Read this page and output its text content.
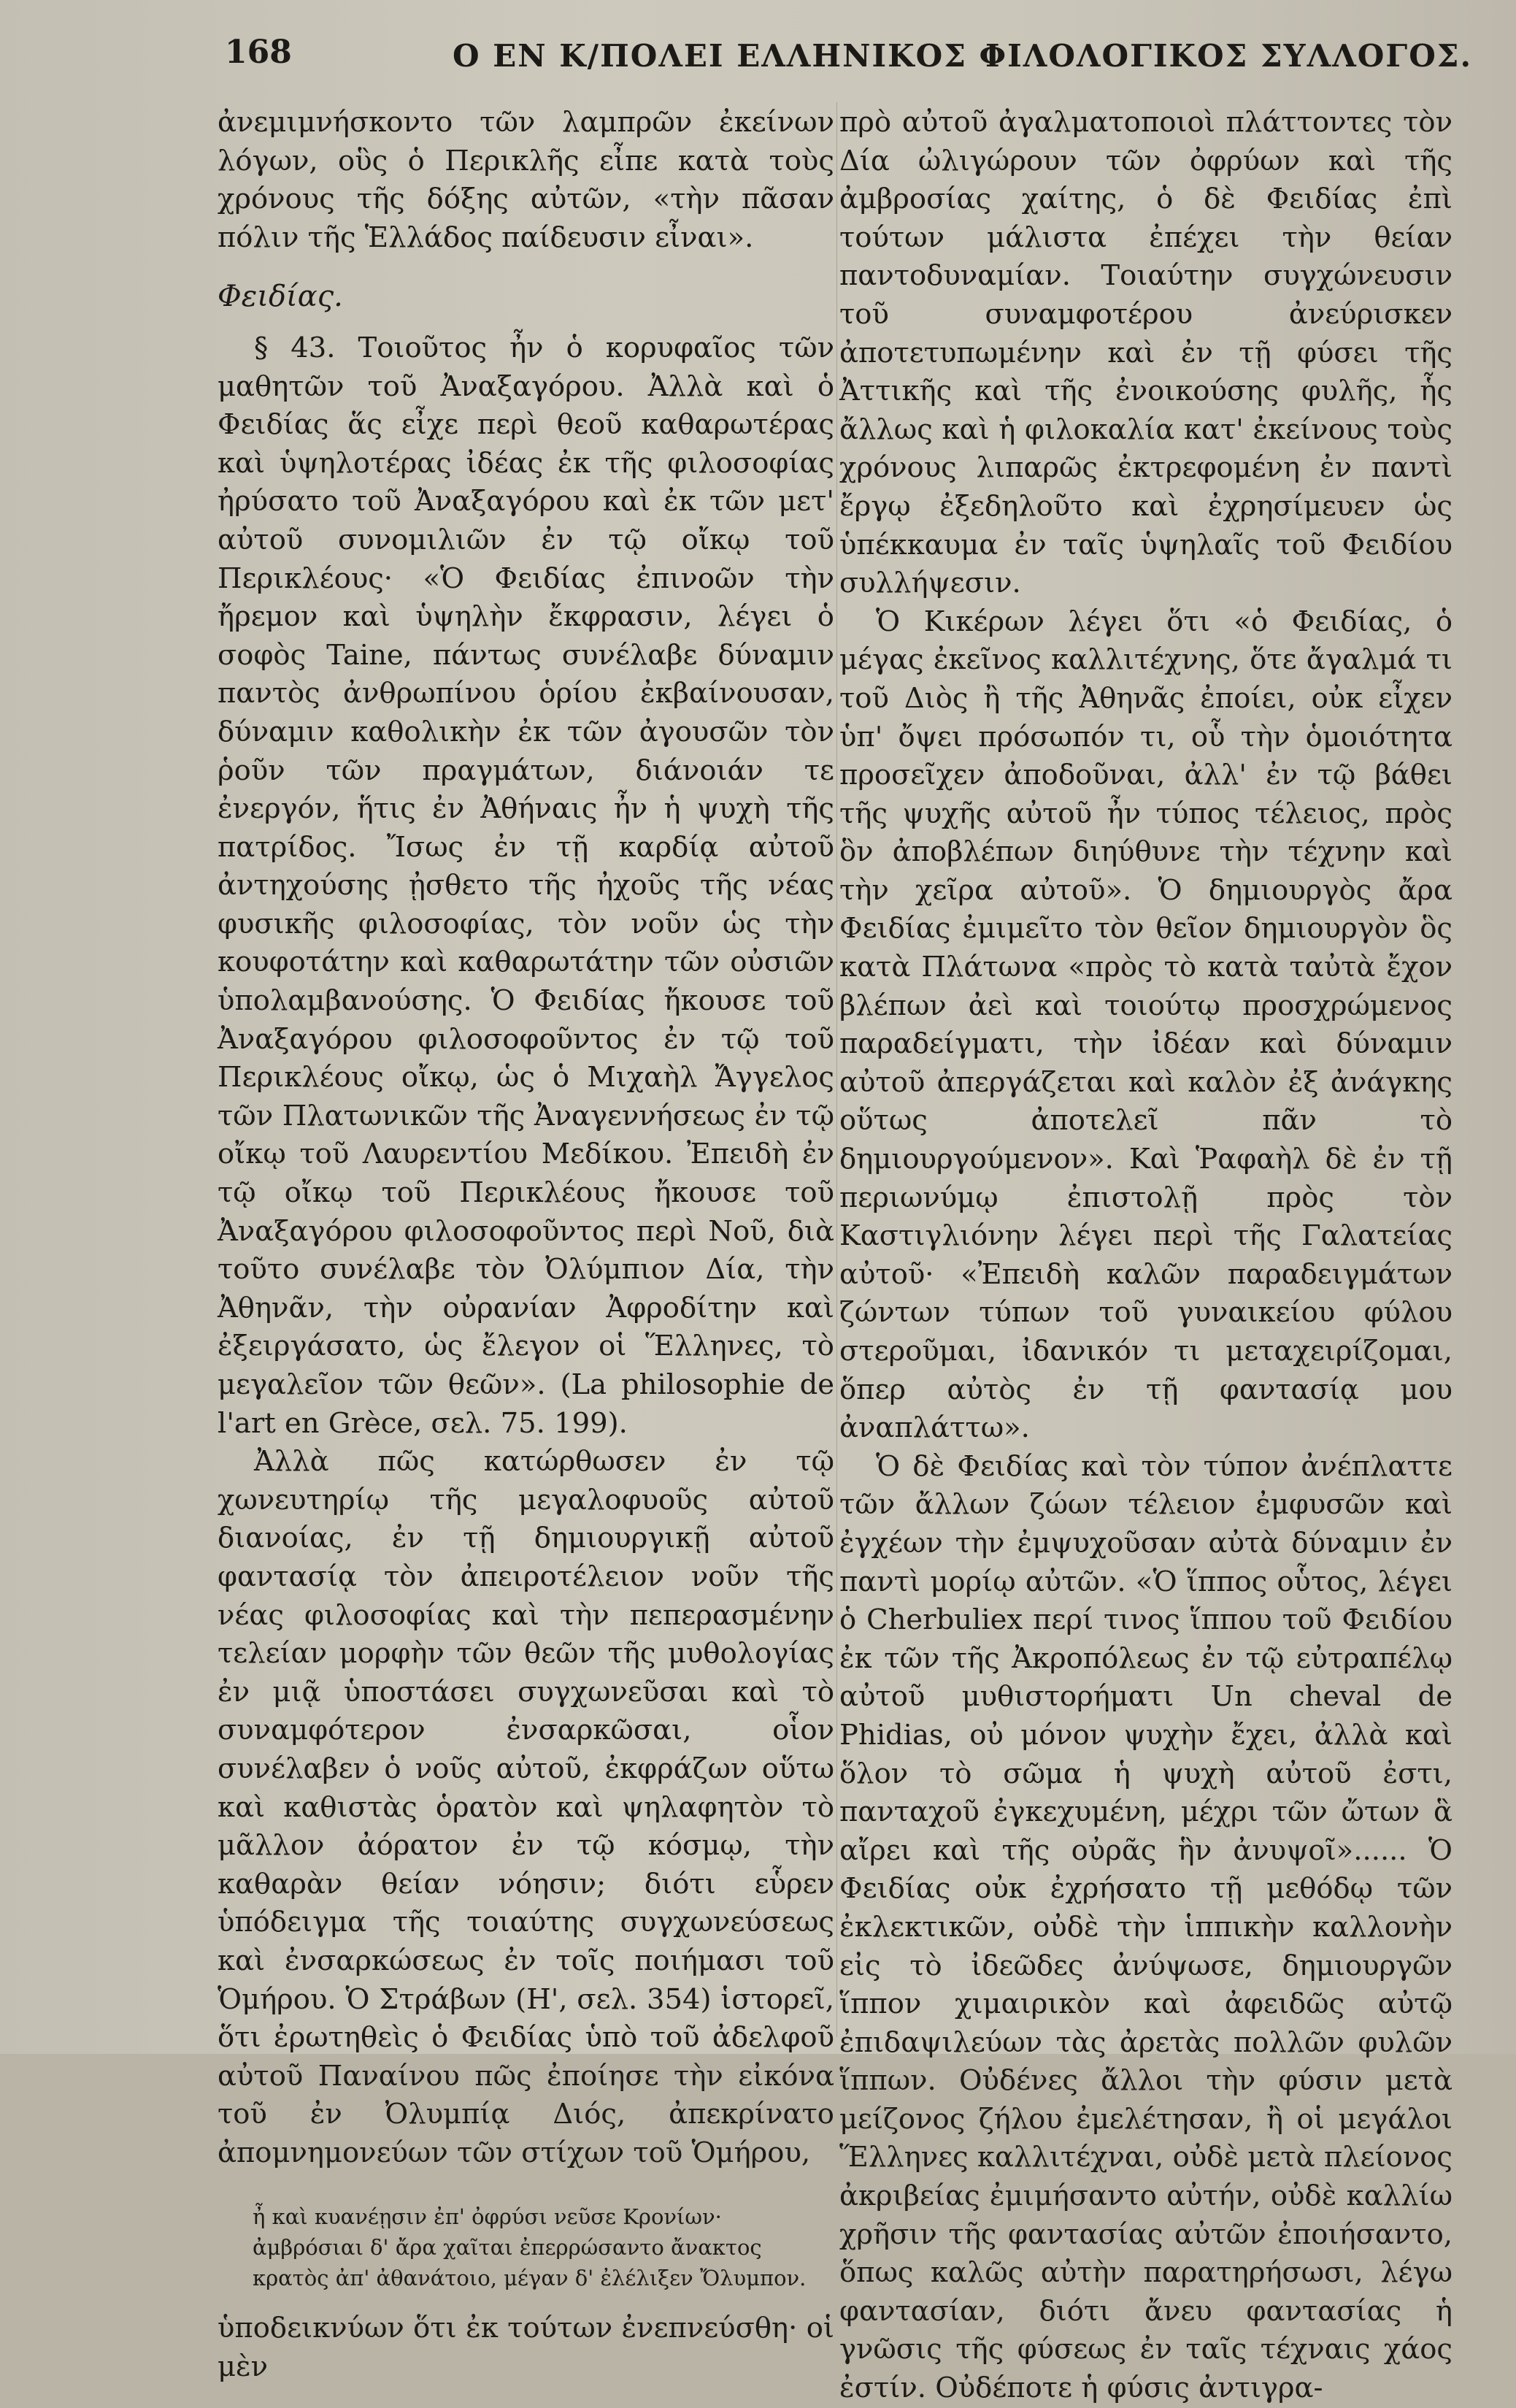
168	Ο ΕΝ Κ/ΠΟΛΕΙ ΕΛΛΗΝΙΚΟΣ ΦΙΛΟΛΟΓΙΚΟΣ ΣΥΛΛΟΓΟΣ.

ἀνεμιμνήσκοντο τῶν λαμπρῶν ἐκείνων λόγων, οὓς ὁ Περικλῆς εἶπε κατὰ τοὺς χρόνους τῆς δόξης αὐτῶν, «τὴν πᾶσαν πόλιν τῆς Ἑλλάδος παίδευσιν εἶναι».

Φειδίας.

§ 43. Τοιοῦτος ἦν ὁ κορυφαῖος τῶν μαθητῶν τοῦ Ἀναξαγόρου. Ἀλλὰ καὶ ὁ Φειδίας ἅς εἶχε περὶ θεοῦ καθαρωτέρας καὶ ὑψηλοτέρας ἰδέας ἐκ τῆς φιλοσοφίας ἠρύσατο τοῦ Ἀναξαγόρου καὶ ἐκ τῶν μετ' αὐτοῦ συνομιλιῶν ἐν τῷ οἴκῳ τοῦ Περικλέους· «Ὁ Φειδίας ἐπινοῶν τὴν ἤρεμον καὶ ὑψηλὴν ἔκφρασιν, λέγει ὁ σοφὸς Taine, πάντως συνέλαβε δύναμιν παντὸς ἀνθρωπίνου ὁρίου ἐκβαίνουσαν, δύναμιν καθολικὴν ἐκ τῶν ἀγουσῶν τὸν ῥοῦν τῶν πραγμάτων, διάνοιάν τε ἐνεργόν, ἥτις ἐν Ἀθήναις ἦν ἡ ψυχὴ τῆς πατρίδος. Ἴσως ἐν τῇ καρδίᾳ αὐτοῦ ἀντηχούσης ᾐσθετο τῆς ἠχοῦς τῆς νέας φυσικῆς φιλοσοφίας, τὸν νοῦν ὡς τὴν κουφοτάτην καὶ καθαρωτάτην τῶν οὐσιῶν ὑπολαμβανούσης. Ὁ Φειδίας ἤκουσε τοῦ Ἀναξαγόρου φιλοσοφοῦντος ἐν τῷ τοῦ Περικλέους οἴκῳ, ὡς ὁ Μιχαὴλ Ἄγγελος τῶν Πλατωνικῶν τῆς Ἀναγεννήσεως ἐν τῷ οἴκῳ τοῦ Λαυρεντίου Μεδίκου. Ἐπειδὴ ἐν τῷ οἴκῳ τοῦ Περικλέους ἤκουσε τοῦ Ἀναξαγόρου φιλοσοφοῦντος περὶ Νοῦ, διὰ τοῦτο συνέλαβε τὸν Ὀλύμπιον Δία, τὴν Ἀθηνᾶν, τὴν οὐρανίαν Ἀφροδίτην καὶ ἐξειργάσατο, ὡς ἔλεγον οἱ Ἕλληνες, τὸ μεγαλεῖον τῶν θεῶν». (La philosophie de l'art en Grèce, σελ. 75. 199).

Ἀλλὰ πῶς κατώρθωσεν ἐν τῷ χωνευτηρίῳ τῆς μεγαλοφυοῦς αὐτοῦ διανοίας, ἐν τῇ δημιουργικῇ αὐτοῦ φαντασίᾳ τὸν ἀπειροτέλειον νοῦν τῆς νέας φιλοσοφίας καὶ τὴν πεπερασμένην τελείαν μορφὴν τῶν θεῶν τῆς μυθολογίας ἐν μιᾷ ὑποστάσει συγχωνεῦσαι καὶ τὸ συναμφότερον ἐνσαρκῶσαι, οἷον συνέλαβεν ὁ νοῦς αὐτοῦ, ἐκφράζων οὕτω καὶ καθιστὰς ὁρατὸν καὶ ψηλαφητὸν τὸ μᾶλλον ἀόρατον ἐν τῷ κόσμῳ, τὴν καθαρὰν θείαν νόησιν; διότι εὗρεν ὑπόδειγμα τῆς τοιαύτης συγχωνεύσεως καὶ ἐνσαρκώσεως ἐν τοῖς ποιήμασι τοῦ Ὁμήρου. Ὁ Στράβων (Η', σελ. 354) ἱστορεῖ, ὅτι ἐρωτηθεὶς ὁ Φειδίας ὑπὸ τοῦ ἀδελφοῦ αὐτοῦ Παναίνου πῶς ἐποίησε τὴν εἰκόνα τοῦ ἐν Ὀλυμπίᾳ Διός, ἀπεκρίνατο ἀπομνημονεύων τῶν στίχων τοῦ Ὁμήρου,

ἦ καὶ κυανέῃσιν ἐπ' ὀφρύσι νεῦσε Κρονίων·
ἀμβρόσιαι δ' ἄρα χαῖται ἐπερρώσαντο ἄνακτος
κρατὸς ἀπ' ἀθανάτοιο, μέγαν δ' ἐλέλιξεν Ὄλυμπον.

ὑποδεικνύων ὅτι ἐκ τούτων ἐνεπνεύσθη· οἱ μὲν

πρὸ αὐτοῦ ἀγαλματοποιοὶ πλάττοντες τὸν Δία ὠλιγώρουν τῶν ὀφρύων καὶ τῆς ἀμβροσίας χαίτης, ὁ δὲ Φειδίας ἐπὶ τούτων μάλιστα ἐπέχει τὴν θείαν παντοδυναμίαν. Τοιαύτην συγχώνευσιν τοῦ συναμφοτέρου ἀνεύρισκεν ἀποτετυπωμένην καὶ ἐν τῇ φύσει τῆς Ἀττικῆς καὶ τῆς ἐνοικούσης φυλῆς, ἧς ἄλλως καὶ ἡ φιλοκαλία κατ' ἐκείνους τοὺς χρόνους λιπαρῶς ἐκτρεφομένη ἐν παντὶ ἔργῳ ἐξεδηλοῦτο καὶ ἐχρησίμευεν ὡς ὑπέκκαυμα ἐν ταῖς ὑψηλαῖς τοῦ Φειδίου συλλήψεσιν.

Ὁ Κικέρων λέγει ὅτι «ὁ Φειδίας, ὁ μέγας ἐκεῖνος καλλιτέχνης, ὅτε ἄγαλμά τι τοῦ Διὸς ἢ τῆς Ἀθηνᾶς ἐποίει, οὐκ εἶχεν ὑπ' ὄψει πρόσωπόν τι, οὗ τὴν ὁμοιότητα προσεῖχεν ἀποδοῦναι, ἀλλ' ἐν τῷ βάθει τῆς ψυχῆς αὐτοῦ ἦν τύπος τέλειος, πρὸς ὃν ἀποβλέπων διηύθυνε τὴν τέχνην καὶ τὴν χεῖρα αὐτοῦ». Ὁ δημιουργὸς ἄρα Φειδίας ἐμιμεῖτο τὸν θεῖον δημιουργὸν ὃς κατὰ Πλάτωνα «πρὸς τὸ κατὰ ταὐτὰ ἔχον βλέπων ἀεὶ καὶ τοιούτῳ προσχρώμενος παραδείγματι, τὴν ἰδέαν καὶ δύναμιν αὐτοῦ ἀπεργάζεται καὶ καλὸν ἐξ ἀνάγκης οὕτως ἀποτελεῖ πᾶν τὸ δημιουργούμενον». Καὶ Ῥαφαὴλ δὲ ἐν τῇ περιωνύμῳ ἐπιστολῇ πρὸς τὸν Καστιγλιόνην λέγει περὶ τῆς Γαλατείας αὐτοῦ· «Ἐπειδὴ καλῶν παραδειγμάτων ζώντων τύπων τοῦ γυναικείου φύλου στεροῦμαι, ἰδανικόν τι μεταχειρίζομαι, ὅπερ αὐτὸς ἐν τῇ φαντασίᾳ μου ἀναπλάττω».

Ὁ δὲ Φειδίας καὶ τὸν τύπον ἀνέπλαττε τῶν ἄλλων ζώων τέλειον ἐμφυσῶν καὶ ἐγχέων τὴν ἐμψυχοῦσαν αὐτὰ δύναμιν ἐν παντὶ μορίῳ αὐτῶν. «Ὁ ἵππος οὗτος, λέγει ὁ Cherbuliex περί τινος ἵππου τοῦ Φειδίου ἐκ τῶν τῆς Ἀκροπόλεως ἐν τῷ εὐτραπέλῳ αὐτοῦ μυθιστορήματι Un cheval de Phidias, οὐ μόνον ψυχὴν ἔχει, ἀλλὰ καὶ ὅλον τὸ σῶμα ἡ ψυχὴ αὐτοῦ ἐστι, πανταχοῦ ἐγκεχυμένη, μέχρι τῶν ὤτων ἃ αἴρει καὶ τῆς οὐρᾶς ἣν ἀνυψοῖ»...... Ὁ Φειδίας οὐκ ἐχρήσατο τῇ μεθόδῳ τῶν ἐκλεκτικῶν, οὐδὲ τὴν ἱππικὴν καλλονὴν εἰς τὸ ἰδεῶδες ἀνύψωσε, δημιουργῶν ἵππον χιμαιρικὸν καὶ ἀφειδῶς αὐτῷ ἐπιδαψιλεύων τὰς ἀρετὰς πολλῶν φυλῶν ἵππων. Οὐδένες ἄλλοι τὴν φύσιν μετὰ μείζονος ζήλου ἐμελέτησαν, ἢ οἱ μεγάλοι Ἕλληνες καλλιτέχναι, οὐδὲ μετὰ πλείονος ἀκριβείας ἐμιμήσαντο αὐτήν, οὐδὲ καλλίω χρῆσιν τῆς φαντασίας αὐτῶν ἐποιήσαντο, ὅπως καλῶς αὐτὴν παρατηρήσωσι, λέγω φαντασίαν, διότι ἄνευ φαντασίας ἡ γνῶσις τῆς φύσεως ἐν ταῖς τέχναις χάος ἐστίν. Οὐδέποτε ἡ φύσις ἀντιγρα-
